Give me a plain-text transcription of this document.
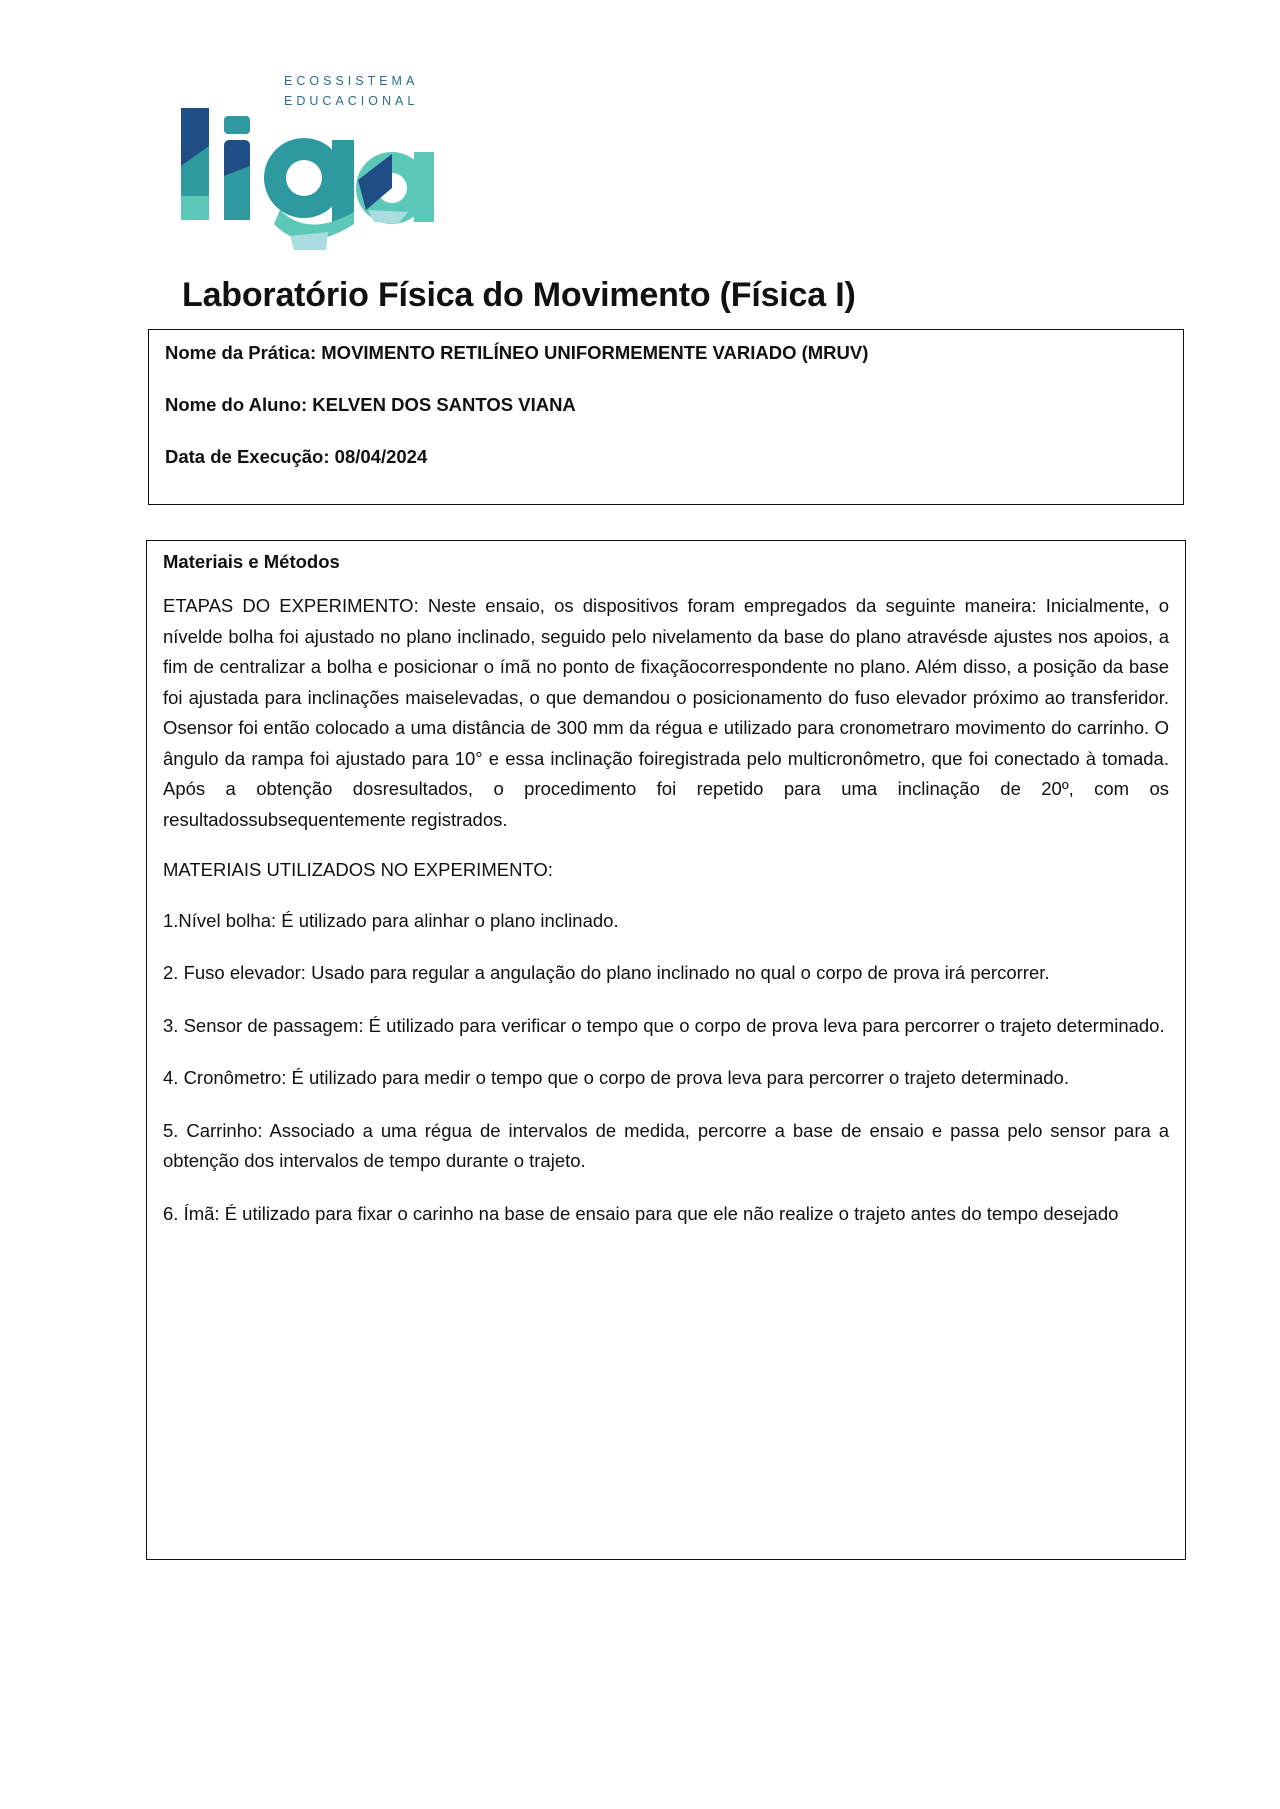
ECOSSISTEMA
EDUCACIONAL
Laboratório Física do Movimento (Física I)
Nome da Prática: MOVIMENTO RETILÍNEO UNIFORMEMENTE VARIADO (MRUV)
Nome do Aluno: KELVEN DOS SANTOS VIANA
Data de Execução: 08/04/2024

Materiais e Métodos

ETAPAS DO EXPERIMENTO: Neste ensaio, os dispositivos foram empregados da seguinte maneira: Inicialmente, o nívelde bolha foi ajustado no plano inclinado, seguido pelo nivelamento da base do plano atravésde ajustes nos apoios, a fim de centralizar a bolha e posicionar o ímã no ponto de fixaçãocorrespondente no plano. Além disso, a posição da base foi ajustada para inclinações maiselevadas, o que demandou o posicionamento do fuso elevador próximo ao transferidor. Osensor foi então colocado a uma distância de 300 mm da régua e utilizado para cronometraro movimento do carrinho. O ângulo da rampa foi ajustado para 10° e essa inclinação foiregistrada pelo multicronômetro, que foi conectado à tomada. Após a obtenção dosresultados, o procedimento foi repetido para uma inclinação de 20º, com os resultadossubsequentemente registrados.

MATERIAIS UTILIZADOS NO EXPERIMENTO:

1.Nível bolha: É utilizado para alinhar o plano inclinado.

2. Fuso elevador: Usado para regular a angulação do plano inclinado no qual o corpo de prova irá percorrer.

3. Sensor de passagem: É utilizado para verificar o tempo que o corpo de prova leva para percorrer o trajeto determinado.

4. Cronômetro: É utilizado para medir o tempo que o corpo de prova leva para percorrer o trajeto determinado.

5. Carrinho: Associado a uma régua de intervalos de medida, percorre a base de ensaio e passa pelo sensor para a obtenção dos intervalos de tempo durante o trajeto.

6. Ímã: É utilizado para fixar o carinho na base de ensaio para que ele não realize o trajeto antes do tempo desejado
